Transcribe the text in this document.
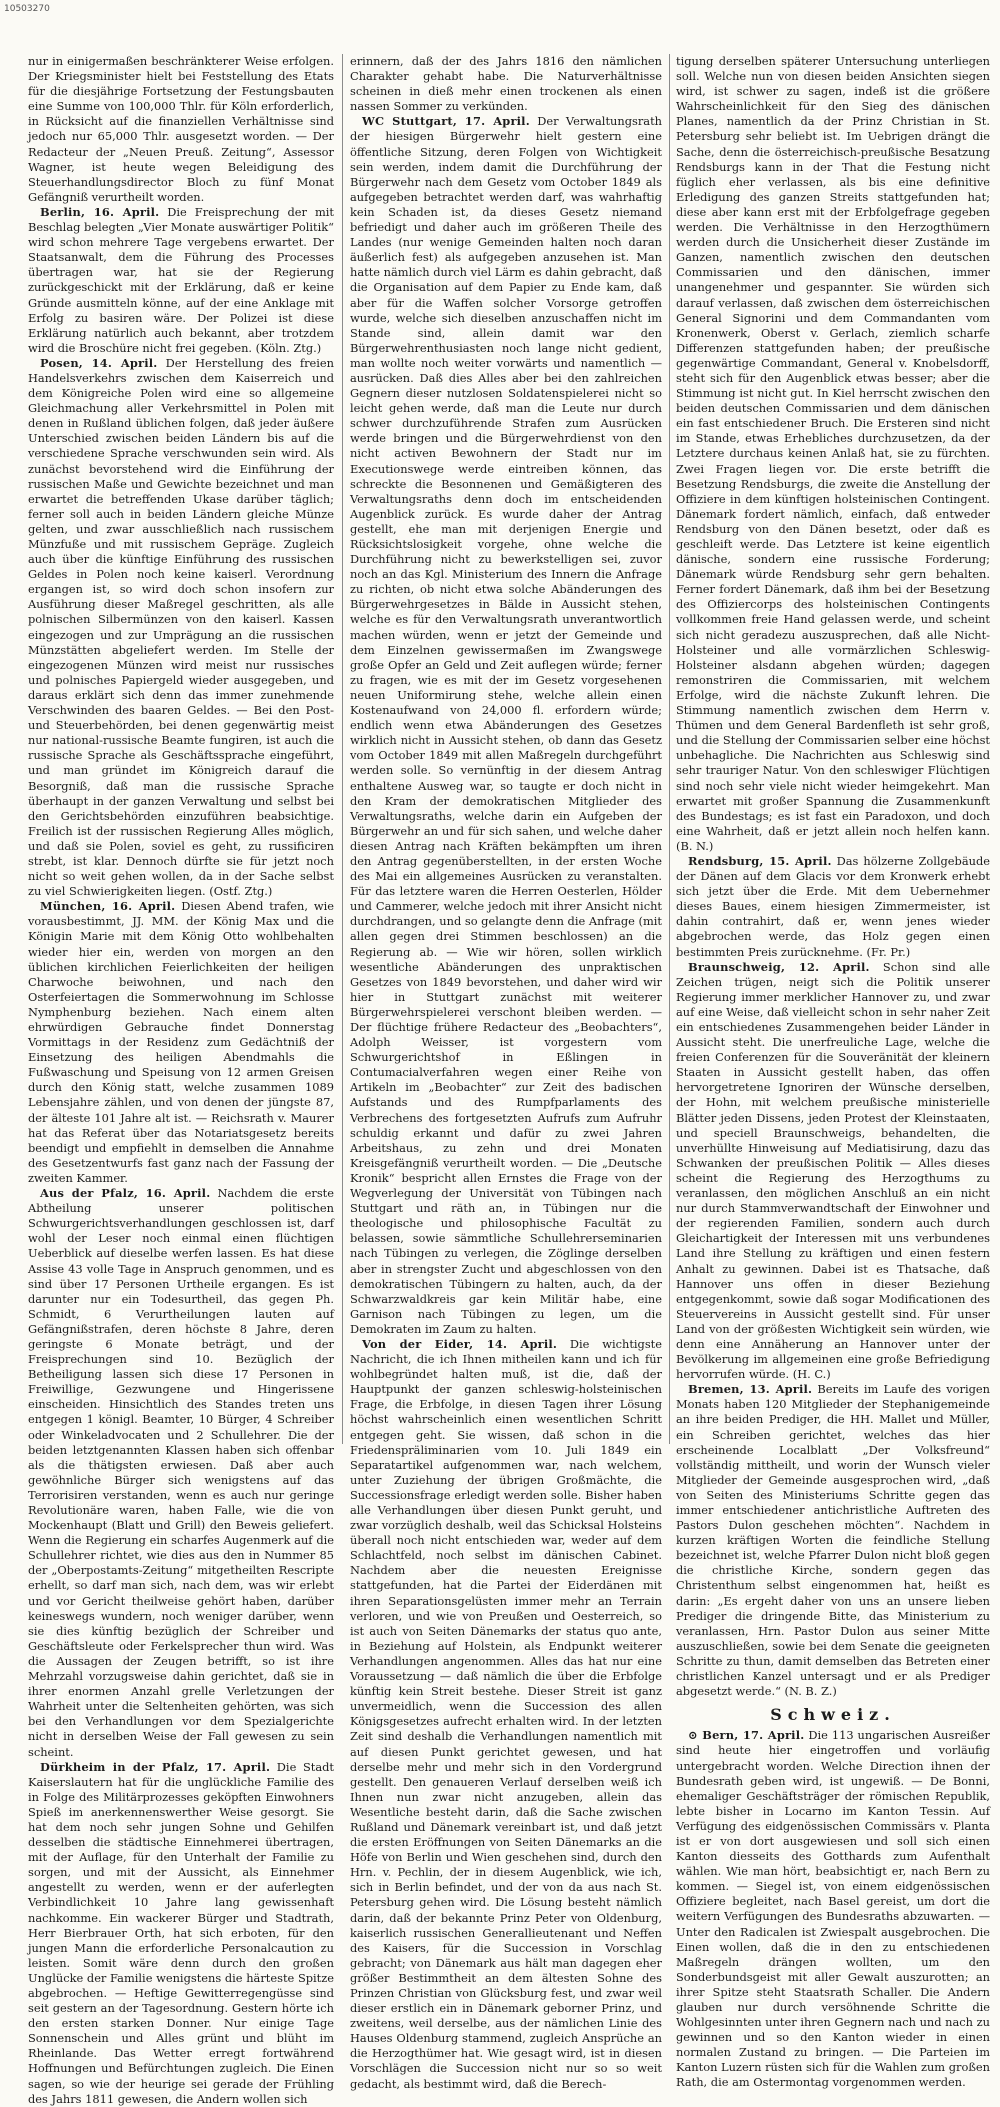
10503270

nur in einigermaßen beschränkterer Weise erfolgen. Der Kriegsminister hielt bei Feststellung des Etats für die diesjährige Fortsetzung der Festungsbauten eine Summe von 100,000 Thlr. für Köln erforderlich, in Rücksicht auf die finanziellen Verhältnisse sind jedoch nur 65,000 Thlr. ausgesetzt worden. — Der Redacteur der „Neuen Preuß. Zeitung“, Assessor Wagner, ist heute wegen Beleidigung des Steuerhandlungsdirector Bloch zu fünf Monat Gefängniß verurtheilt worden.

Berlin, 16. April. Die Freisprechung der mit Beschlag belegten „Vier Monate auswärtiger Politik“ wird schon mehrere Tage vergebens erwartet. Der Staatsanwalt, dem die Führung des Processes übertragen war, hat sie der Regierung zurückgeschickt mit der Erklärung, daß er keine Gründe ausmitteln könne, auf der eine Anklage mit Erfolg zu basiren wäre. Der Polizei ist diese Erklärung natürlich auch bekannt, aber trotzdem wird die Broschüre nicht frei gegeben. (Köln. Ztg.)

Posen, 14. April. Der Herstellung des freien Handelsverkehrs zwischen dem Kaiserreich und dem Königreiche Polen wird eine so allgemeine Gleichmachung aller Verkehrsmittel in Polen mit denen in Rußland üblichen folgen, daß jeder äußere Unterschied zwischen beiden Ländern bis auf die verschiedene Sprache verschwunden sein wird. Als zunächst bevorstehend wird die Einführung der russischen Maße und Gewichte bezeichnet und man erwartet die betreffenden Ukase darüber täglich; ferner soll auch in beiden Ländern gleiche Münze gelten, und zwar ausschließlich nach russischem Münzfuße und mit russischem Gepräge. Zugleich auch über die künftige Einführung des russischen Geldes in Polen noch keine kaiserl. Verordnung ergangen ist, so wird doch schon insofern zur Ausführung dieser Maßregel geschritten, als alle polnischen Silbermünzen von den kaiserl. Kassen eingezogen und zur Umprägung an die russischen Münzstätten abgeliefert werden. Im Stelle der eingezogenen Münzen wird meist nur russisches und polnisches Papiergeld wieder ausgegeben, und daraus erklärt sich denn das immer zunehmende Verschwinden des baaren Geldes. — Bei den Post- und Steuerbehörden, bei denen gegenwärtig meist nur national-russische Beamte fungiren, ist auch die russische Sprache als Geschäftssprache eingeführt, und man gründet im Königreich darauf die Besorgniß, daß man die russische Sprache überhaupt in der ganzen Verwaltung und selbst bei den Gerichtsbehörden einzuführen beabsichtige. Freilich ist der russischen Regierung Alles möglich, und daß sie Polen, soviel es geht, zu russificiren strebt, ist klar. Dennoch dürfte sie für jetzt noch nicht so weit gehen wollen, da in der Sache selbst zu viel Schwierigkeiten liegen. (Ostf. Ztg.)

München, 16. April. Diesen Abend trafen, wie vorausbestimmt, JJ. MM. der König Max und die Königin Marie mit dem König Otto wohlbehalten wieder hier ein, werden von morgen an den üblichen kirchlichen Feierlichkeiten der heiligen Charwoche beiwohnen, und nach den Osterfeiertagen die Sommerwohnung im Schlosse Nymphenburg beziehen. Nach einem alten ehrwürdigen Gebrauche findet Donnerstag Vormittags in der Residenz zum Gedächtniß der Einsetzung des heiligen Abendmahls die Fußwaschung und Speisung von 12 armen Greisen durch den König statt, welche zusammen 1089 Lebensjahre zählen, und von denen der jüngste 87, der älteste 101 Jahre alt ist. — Reichsrath v. Maurer hat das Referat über das Notariatsgesetz bereits beendigt und empfiehlt in demselben die Annahme des Gesetzentwurfs fast ganz nach der Fassung der zweiten Kammer.

Aus der Pfalz, 16. April. Nachdem die erste Abtheilung unserer politischen Schwurgerichtsverhandlungen geschlossen ist, darf wohl der Leser noch einmal einen flüchtigen Ueberblick auf dieselbe werfen lassen. Es hat diese Assise 43 volle Tage in Anspruch genommen, und es sind über 17 Personen Urtheile ergangen. Es ist darunter nur ein Todesurtheil, das gegen Ph. Schmidt, 6 Verurtheilungen lauten auf Gefängnißstrafen, deren höchste 8 Jahre, deren geringste 6 Monate beträgt, und der Freisprechungen sind 10. Bezüglich der Betheiligung lassen sich diese 17 Personen in Freiwillige, Gezwungene und Hingerissene einscheiden. Hinsichtlich des Standes treten uns entgegen 1 königl. Beamter, 10 Bürger, 4 Schreiber oder Winkeladvocaten und 2 Schullehrer. Die der beiden letztgenannten Klassen haben sich offenbar als die thätigsten erwiesen. Daß aber auch gewöhnliche Bürger sich wenigstens auf das Terrorisiren verstanden, wenn es auch nur geringe Revolutionäre waren, haben Falle, wie die von Mockenhaupt (Blatt und Grill) den Beweis geliefert. Wenn die Regierung ein scharfes Augenmerk auf die Schullehrer richtet, wie dies aus den in Nummer 85 der „Oberpostamts-Zeitung“ mitgetheilten Rescripte erhellt, so darf man sich, nach dem, was wir erlebt und vor Gericht theilweise gehört haben, darüber keineswegs wundern, noch weniger darüber, wenn sie dies künftig bezüglich der Schreiber und Geschäftsleute oder Ferkelsprecher thun wird. Was die Aussagen der Zeugen betrifft, so ist ihre Mehrzahl vorzugsweise dahin gerichtet, daß sie in ihrer enormen Anzahl grelle Verletzungen der Wahrheit unter die Seltenheiten gehörten, was sich bei den Verhandlungen vor dem Spezialgerichte nicht in derselben Weise der Fall gewesen zu sein scheint.

Dürkheim in der Pfalz, 17. April. Die Stadt Kaiserslautern hat für die unglückliche Familie des in Folge des Militärprozesses geköpften Einwohners Spieß im anerkennenswerther Weise gesorgt. Sie hat dem noch sehr jungen Sohne und Gehilfen desselben die städtische Einnehmerei übertragen, mit der Auflage, für den Unterhalt der Familie zu sorgen, und mit der Aussicht, als Einnehmer angestellt zu werden, wenn er der auferlegten Verbindlichkeit 10 Jahre lang gewissenhaft nachkomme. Ein wackerer Bürger und Stadtrath, Herr Bierbrauer Orth, hat sich erboten, für den jungen Mann die erforderliche Personalcaution zu leisten. Somit wäre denn durch den großen Unglücke der Familie wenigstens die härteste Spitze abgebrochen. — Heftige Gewitterregengüsse sind seit gestern an der Tagesordnung. Gestern hörte ich den ersten starken Donner. Nur einige Tage Sonnenschein und Alles grünt und blüht im Rheinlande. Das Wetter erregt fortwährend Hoffnungen und Befürchtungen zugleich. Die Einen sagen, so wie der heurige sei gerade der Frühling des Jahrs 1811 gewesen, die Andern wollen sich

erinnern, daß der des Jahrs 1816 den nämlichen Charakter gehabt habe. Die Naturverhältnisse scheinen in dieß mehr einen trockenen als einen nassen Sommer zu verkünden.

WC Stuttgart, 17. April. Der Verwaltungsrath der hiesigen Bürgerwehr hielt gestern eine öffentliche Sitzung, deren Folgen von Wichtigkeit sein werden, indem damit die Durchführung der Bürgerwehr nach dem Gesetz vom October 1849 als aufgegeben betrachtet werden darf, was wahrhaftig kein Schaden ist, da dieses Gesetz niemand befriedigt und daher auch im größeren Theile des Landes (nur wenige Gemeinden halten noch daran äußerlich fest) als aufgegeben anzusehen ist. Man hatte nämlich durch viel Lärm es dahin gebracht, daß die Organisation auf dem Papier zu Ende kam, daß aber für die Waffen solcher Vorsorge getroffen wurde, welche sich dieselben anzuschaffen nicht im Stande sind, allein damit war den Bürgerwehrenthusiasten noch lange nicht gedient, man wollte noch weiter vorwärts und namentlich — ausrücken. Daß dies Alles aber bei den zahlreichen Gegnern dieser nutzlosen Soldatenspielerei nicht so leicht gehen werde, daß man die Leute nur durch schwer durchzuführende Strafen zum Ausrücken werde bringen und die Bürgerwehrdienst von den nicht activen Bewohnern der Stadt nur im Executionswege werde eintreiben können, das schreckte die Besonnenen und Gemäßigteren des Verwaltungsraths denn doch im entscheidenden Augenblick zurück. Es wurde daher der Antrag gestellt, ehe man mit derjenigen Energie und Rücksichtslosigkeit vorgehe, ohne welche die Durchführung nicht zu bewerkstelligen sei, zuvor noch an das Kgl. Ministerium des Innern die Anfrage zu richten, ob nicht etwa solche Abänderungen des Bürgerwehrgesetzes in Bälde in Aussicht stehen, welche es für den Verwaltungsrath unverantwortlich machen würden, wenn er jetzt der Gemeinde und dem Einzelnen gewissermaßen im Zwangswege große Opfer an Geld und Zeit auflegen würde; ferner zu fragen, wie es mit der im Gesetz vorgesehenen neuen Uniformirung stehe, welche allein einen Kostenaufwand von 24,000 fl. erfordern würde; endlich wenn etwa Abänderungen des Gesetzes wirklich nicht in Aussicht stehen, ob dann das Gesetz vom October 1849 mit allen Maßregeln durchgeführt werden solle. So vernünftig in der diesem Antrag enthaltene Ausweg war, so taugte er doch nicht in den Kram der demokratischen Mitglieder des Verwaltungsraths, welche darin ein Aufgeben der Bürgerwehr an und für sich sahen, und welche daher diesen Antrag nach Kräften bekämpften um ihren den Antrag gegenüberstellten, in der ersten Woche des Mai ein allgemeines Ausrücken zu veranstalten. Für das letztere waren die Herren Oesterlen, Hölder und Cammerer, welche jedoch mit ihrer Ansicht nicht durchdrangen, und so gelangte denn die Anfrage (mit allen gegen drei Stimmen beschlossen) an die Regierung ab. — Wie wir hören, sollen wirklich wesentliche Abänderungen des unpraktischen Gesetzes von 1849 bevorstehen, und daher wird wir hier in Stuttgart zunächst mit weiterer Bürgerwehrspielerei verschont bleiben werden. — Der flüchtige frühere Redacteur des „Beobachters“, Adolph Weisser, ist vorgestern vom Schwurgerichtshof in Eßlingen in Contumacialverfahren wegen einer Reihe von Artikeln im „Beobachter“ zur Zeit des badischen Aufstands und des Rumpfparlaments des Verbrechens des fortgesetzten Aufrufs zum Aufruhr schuldig erkannt und dafür zu zwei Jahren Arbeitshaus, zu zehn und drei Monaten Kreisgefängniß verurtheilt worden. — Die „Deutsche Kronik“ bespricht allen Ernstes die Frage von der Wegverlegung der Universität von Tübingen nach Stuttgart und räth an, in Tübingen nur die theologische und philosophische Facultät zu belassen, sowie sämmtliche Schullehrerseminarien nach Tübingen zu verlegen, die Zöglinge derselben aber in strengster Zucht und abgeschlossen von den demokratischen Tübingern zu halten, auch, da der Schwarzwaldkreis gar kein Militär habe, eine Garnison nach Tübingen zu legen, um die Demokraten im Zaum zu halten.

Von der Eider, 14. April. Die wichtigste Nachricht, die ich Ihnen mitheilen kann und ich für wohlbegründet halten muß, ist die, daß der Hauptpunkt der ganzen schleswig-holsteinischen Frage, die Erbfolge, in diesen Tagen ihrer Lösung höchst wahrscheinlich einen wesentlichen Schritt entgegen geht. Sie wissen, daß schon in die Friedenspräliminarien vom 10. Juli 1849 ein Separatartikel aufgenommen war, nach welchem, unter Zuziehung der übrigen Großmächte, die Successionsfrage erledigt werden solle. Bisher haben alle Verhandlungen über diesen Punkt geruht, und zwar vorzüglich deshalb, weil das Schicksal Holsteins überall noch nicht entschieden war, weder auf dem Schlachtfeld, noch selbst im dänischen Cabinet. Nachdem aber die neuesten Ereignisse stattgefunden, hat die Partei der Eiderdänen mit ihren Separationsgelüsten immer mehr an Terrain verloren, und wie von Preußen und Oesterreich, so ist auch von Seiten Dänemarks der status quo ante, in Beziehung auf Holstein, als Endpunkt weiterer Verhandlungen angenommen. Alles das hat nur eine Voraussetzung — daß nämlich die über die Erbfolge künftig kein Streit bestehe. Dieser Streit ist ganz unvermeidlich, wenn die Succession des allen Königsgesetzes aufrecht erhalten wird. In der letzten Zeit sind deshalb die Verhandlungen namentlich mit auf diesen Punkt gerichtet gewesen, und hat derselbe mehr und mehr sich in den Vordergrund gestellt. Den genaueren Verlauf derselben weiß ich Ihnen nun zwar nicht anzugeben, allein das Wesentliche besteht darin, daß die Sache zwischen Rußland und Dänemark vereinbart ist, und daß jetzt die ersten Eröffnungen von Seiten Dänemarks an die Höfe von Berlin und Wien geschehen sind, durch den Hrn. v. Pechlin, der in diesem Augenblick, wie ich, sich in Berlin befindet, und der von da aus nach St. Petersburg gehen wird. Die Lösung besteht nämlich darin, daß der bekannte Prinz Peter von Oldenburg, kaiserlich russischen Generallieutenant und Neffen des Kaisers, für die Succession in Vorschlag gebracht; von Dänemark aus hält man dagegen eher größer Bestimmtheit an dem ältesten Sohne des Prinzen Christian von Glücksburg fest, und zwar weil dieser erstlich ein in Dänemark geborner Prinz, und zweitens, weil derselbe, aus der nämlichen Linie des Hauses Oldenburg stammend, zugleich Ansprüche an die Herzogthümer hat. Wie gesagt wird, ist in diesen Vorschlägen die Succession nicht nur so so weit gedacht, als bestimmt wird, daß die Berech-

tigung derselben späterer Untersuchung unterliegen soll. Welche nun von diesen beiden Ansichten siegen wird, ist schwer zu sagen, indeß ist die größere Wahrscheinlichkeit für den Sieg des dänischen Planes, namentlich da der Prinz Christian in St. Petersburg sehr beliebt ist. Im Uebrigen drängt die Sache, denn die österreichisch-preußische Besatzung Rendsburgs kann in der That die Festung nicht füglich eher verlassen, als bis eine definitive Erledigung des ganzen Streits stattgefunden hat; diese aber kann erst mit der Erbfolgefrage gegeben werden. Die Verhältnisse in den Herzogthümern werden durch die Unsicherheit dieser Zustände im Ganzen, namentlich zwischen den deutschen Commissarien und den dänischen, immer unangenehmer und gespannter. Sie würden sich darauf verlassen, daß zwischen dem österreichischen General Signorini und dem Commandanten vom Kronenwerk, Oberst v. Gerlach, ziemlich scharfe Differenzen stattgefunden haben; der preußische gegenwärtige Commandant, General v. Knobelsdorff, steht sich für den Augenblick etwas besser; aber die Stimmung ist nicht gut. In Kiel herrscht zwischen den beiden deutschen Commissarien und dem dänischen ein fast entschiedener Bruch. Die Ersteren sind nicht im Stande, etwas Erhebliches durchzusetzen, da der Letztere durchaus keinen Anlaß hat, sie zu fürchten. Zwei Fragen liegen vor. Die erste betrifft die Besetzung Rendsburgs, die zweite die Anstellung der Offiziere in dem künftigen holsteinischen Contingent. Dänemark fordert nämlich, einfach, daß entweder Rendsburg von den Dänen besetzt, oder daß es geschleift werde. Das Letztere ist keine eigentlich dänische, sondern eine russische Forderung; Dänemark würde Rendsburg sehr gern behalten. Ferner fordert Dänemark, daß ihm bei der Besetzung des Offiziercorps des holsteinischen Contingents vollkommen freie Hand gelassen werde, und scheint sich nicht geradezu auszusprechen, daß alle Nicht-Holsteiner und alle vormärzlichen Schleswig-Holsteiner alsdann abgehen würden; dagegen remonstriren die Commissarien, mit welchem Erfolge, wird die nächste Zukunft lehren. Die Stimmung namentlich zwischen dem Herrn v. Thümen und dem General Bardenfleth ist sehr groß, und die Stellung der Commissarien selber eine höchst unbehagliche. Die Nachrichten aus Schleswig sind sehr trauriger Natur. Von den schleswiger Flüchtigen sind noch sehr viele nicht wieder heimgekehrt. Man erwartet mit großer Spannung die Zusammenkunft des Bundestags; es ist fast ein Paradoxon, und doch eine Wahrheit, daß er jetzt allein noch helfen kann. (B. N.)

Rendsburg, 15. April. Das hölzerne Zollgebäude der Dänen auf dem Glacis vor dem Kronwerk erhebt sich jetzt über die Erde. Mit dem Uebernehmer dieses Baues, einem hiesigen Zimmermeister, ist dahin contrahirt, daß er, wenn jenes wieder abgebrochen werde, das Holz gegen einen bestimmten Preis zurücknehme. (Fr. Pr.)

Braunschweig, 12. April. Schon sind alle Zeichen trügen, neigt sich die Politik unserer Regierung immer merklicher Hannover zu, und zwar auf eine Weise, daß vielleicht schon in sehr naher Zeit ein entschiedenes Zusammengehen beider Länder in Aussicht steht. Die unerfreuliche Lage, welche die freien Conferenzen für die Souveränität der kleinern Staaten in Aussicht gestellt haben, das offen hervorgetretene Ignoriren der Wünsche derselben, der Hohn, mit welchem preußische ministerielle Blätter jeden Dissens, jeden Protest der Kleinstaaten, und speciell Braunschweigs, behandelten, die unverhüllte Hinweisung auf Mediatisirung, dazu das Schwanken der preußischen Politik — Alles dieses scheint die Regierung des Herzogthums zu veranlassen, den möglichen Anschluß an ein nicht nur durch Stammverwandtschaft der Einwohner und der regierenden Familien, sondern auch durch Gleichartigkeit der Interessen mit uns verbundenes Land ihre Stellung zu kräftigen und einen festern Anhalt zu gewinnen. Dabei ist es Thatsache, daß Hannover uns offen in dieser Beziehung entgegenkommt, sowie daß sogar Modificationen des Steuervereins in Aussicht gestellt sind. Für unser Land von der größesten Wichtigkeit sein würden, wie denn eine Annäherung an Hannover unter der Bevölkerung im allgemeinen eine große Befriedigung hervorrufen würde. (H. C.)

Bremen, 13. April. Bereits im Laufe des vorigen Monats haben 120 Mitglieder der Stephanigemeinde an ihre beiden Prediger, die HH. Mallet und Müller, ein Schreiben gerichtet, welches das hier erscheinende Localblatt „Der Volksfreund“ vollständig mittheilt, und worin der Wunsch vieler Mitglieder der Gemeinde ausgesprochen wird, „daß von Seiten des Ministeriums Schritte gegen das immer entschiedener antichristliche Auftreten des Pastors Dulon geschehen möchten“. Nachdem in kurzen kräftigen Worten die feindliche Stellung bezeichnet ist, welche Pfarrer Dulon nicht bloß gegen die christliche Kirche, sondern gegen das Christenthum selbst eingenommen hat, heißt es darin: „Es ergeht daher von uns an unsere lieben Prediger die dringende Bitte, das Ministerium zu veranlassen, Hrn. Pastor Dulon aus seiner Mitte auszuschließen, sowie bei dem Senate die geeigneten Schritte zu thun, damit demselben das Betreten einer christlichen Kanzel untersagt und er als Prediger abgesetzt werde.“ (N. B. Z.)

Schweiz.

⊙ Bern, 17. April. Die 113 ungarischen Ausreißer sind heute hier eingetroffen und vorläufig untergebracht worden. Welche Direction ihnen der Bundesrath geben wird, ist ungewiß. — De Bonni, ehemaliger Geschäftsträger der römischen Republik, lebte bisher in Locarno im Kanton Tessin. Auf Verfügung des eidgenössischen Commissärs v. Planta ist er von dort ausgewiesen und soll sich einen Kanton diesseits des Gotthards zum Aufenthalt wählen. Wie man hört, beabsichtigt er, nach Bern zu kommen. — Siegel ist, von einem eidgenössischen Offiziere begleitet, nach Basel gereist, um dort die weitern Verfügungen des Bundesraths abzuwarten. — Unter den Radicalen ist Zwiespalt ausgebrochen. Die Einen wollen, daß die in den zu entschiedenen Maßregeln drängen wollten, um den Sonderbundsgeist mit aller Gewalt auszurotten; an ihrer Spitze steht Staatsrath Schaller. Die Andern glauben nur durch versöhnende Schritte die Wohlgesinnten unter ihren Gegnern nach und nach zu gewinnen und so den Kanton wieder in einen normalen Zustand zu bringen. — Die Parteien im Kanton Luzern rüsten sich für die Wahlen zum großen Rath, die am Ostermontag vorgenommen werden.
